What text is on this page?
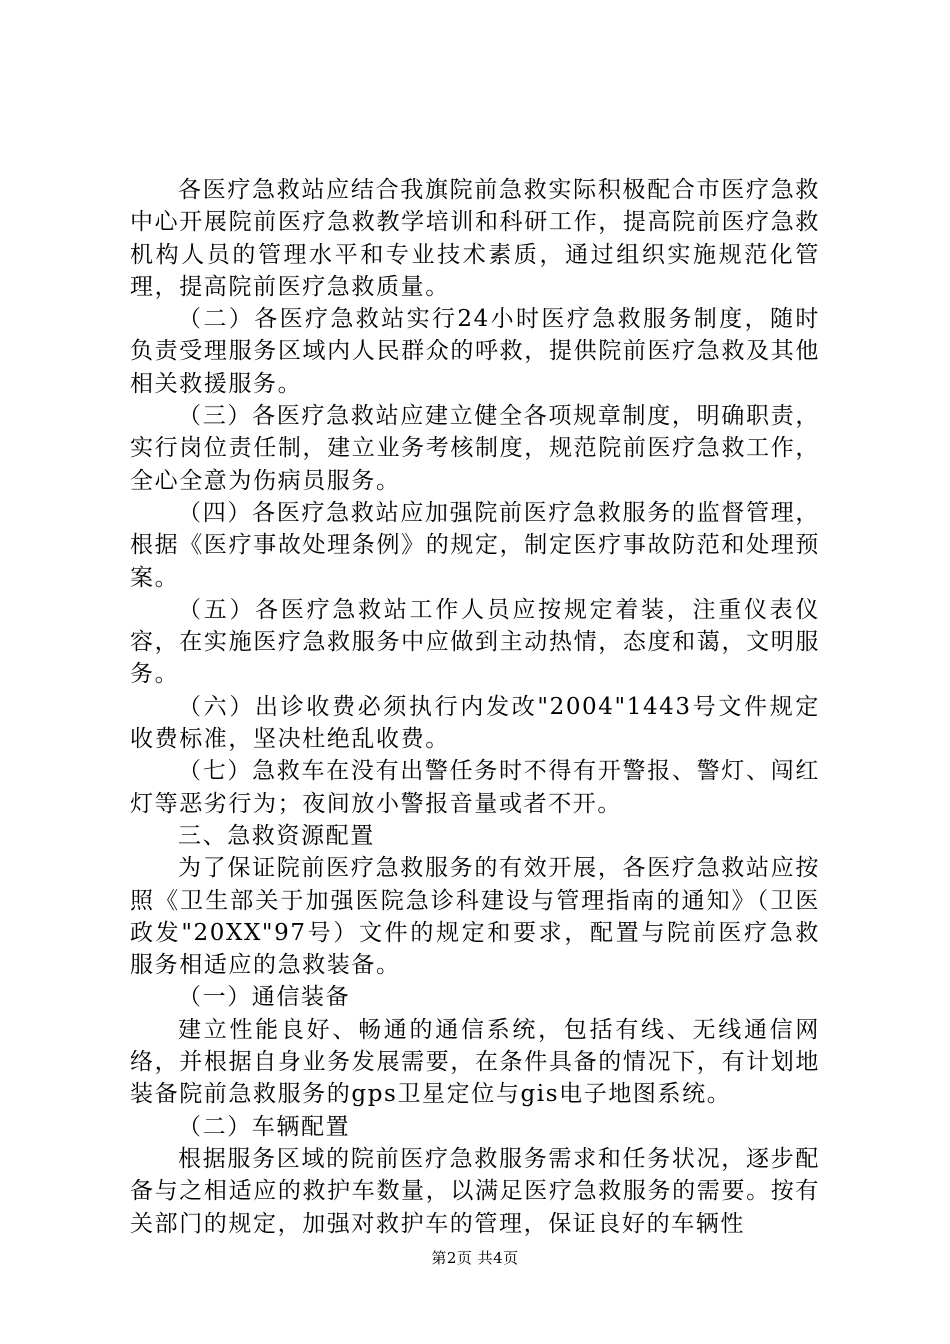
各医疗急救站应结合我旗院前急救实际积极配合市医疗急救中心开展院前医疗急救教学培训和科研工作，提高院前医疗急救机构人员的管理水平和专业技术素质，通过组织实施规范化管理，提高院前医疗急救质量。

（二）各医疗急救站实行24小时医疗急救服务制度，随时负责受理服务区域内人民群众的呼救，提供院前医疗急救及其他相关救援服务。

（三）各医疗急救站应建立健全各项规章制度，明确职责，实行岗位责任制，建立业务考核制度，规范院前医疗急救工作，全心全意为伤病员服务。

（四）各医疗急救站应加强院前医疗急救服务的监督管理，根据《医疗事故处理条例》的规定，制定医疗事故防范和处理预案。

（五）各医疗急救站工作人员应按规定着装，注重仪表仪容，在实施医疗急救服务中应做到主动热情，态度和蔼，文明服务。

（六）出诊收费必须执行内发改"2004"1443号文件规定收费标准，坚决杜绝乱收费。

（七）急救车在没有出警任务时不得有开警报、警灯、闯红灯等恶劣行为；夜间放小警报音量或者不开。

三、急救资源配置

为了保证院前医疗急救服务的有效开展，各医疗急救站应按照《卫生部关于加强医院急诊科建设与管理指南的通知》（卫医政发"20XX"97号）文件的规定和要求，配置与院前医疗急救服务相适应的急救装备。

（一）通信装备

建立性能良好、畅通的通信系统，包括有线、无线通信网络，并根据自身业务发展需要，在条件具备的情况下，有计划地装备院前急救服务的gps卫星定位与gis电子地图系统。

（二）车辆配置

根据服务区域的院前医疗急救服务需求和任务状况，逐步配备与之相适应的救护车数量，以满足医疗急救服务的需要。按有关部门的规定，加强对救护车的管理，保证良好的车辆性

第2页 共4页
